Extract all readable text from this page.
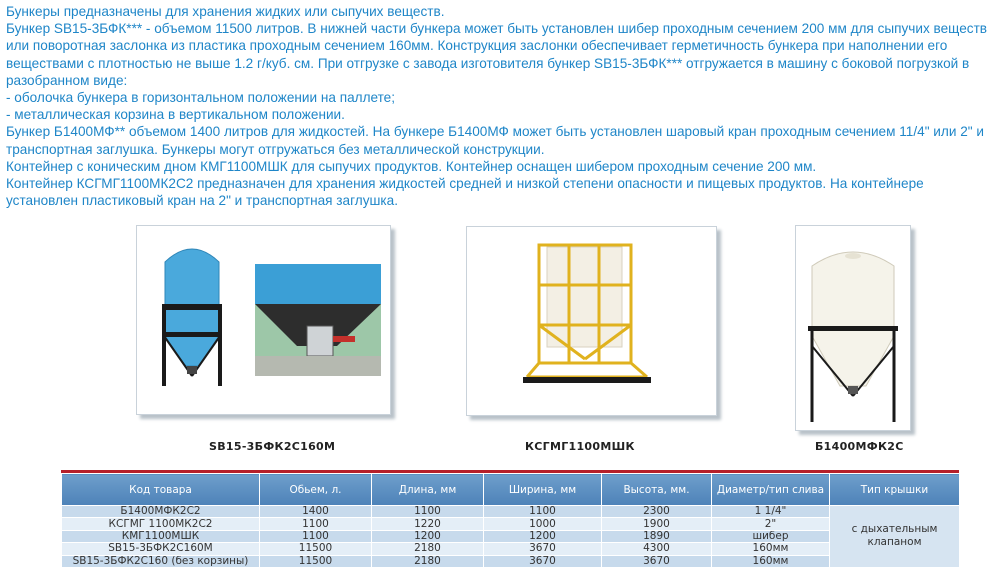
Бункеры предназначены для хранения жидких или сыпучих веществ.

Бункер SB15-3БФК*** - объемом 11500 литров. В нижней части бункера может быть установлен шибер проходным сечением 200 мм для сыпучих веществ или поворотная заслонка из пластика проходным сечением 160мм. Конструкция заслонки обеспечивает герметичность бункера при наполнении его веществами с плотностью не выше 1.2 г/куб. см. При отгрузке с завода изготовителя бункер SB15-3БФК*** отгружается в машину с боковой погрузкой в разобранном виде:

- оболочка бункера в горизонтальном положении на паллете;

- металлическая корзина в вертикальном положении.

Бункер Б1400МФ** объемом 1400 литров для жидкостей. На бункере Б1400МФ может быть установлен шаровый кран проходным сечением 11/4" или 2" и транспортная заглушка. Бункеры могут отгружаться без металлической конструкции.

Контейнер с коническим дном КМГ1100МШК для сыпучих продуктов. Контейнер оснащен шибером проходным сечение 200 мм.

Контейнер КСГМГ1100МК2С2 предназначен для хранения жидкостей средней и низкой степени опасности и пищевых продуктов. На контейнере установлен пластиковый кран на 2" и транспортная заглушка.

SB15-3БФК2С160М	КСГМГ1100МШК	Б1400МФК2С
Код товара	Обьем, л.	Длина, мм	Ширина, мм	Высота, мм.	Диаметр/тип слива	Тип крышки
Б1400МФК2С2	1400	1100	1100	2300	1 1/4"	с дыхательным клапаном
КСГМГ 1100МК2С2	1100	1220	1000	1900	2"	
КМГ1100МШК	1100	1200	1200	1890	шибер	
SB15-3БФК2С160М	11500	2180	3670	4300	160мм	
SB15-3БФК2С160 (без корзины)	11500	2180	3670	3670	160мм	
